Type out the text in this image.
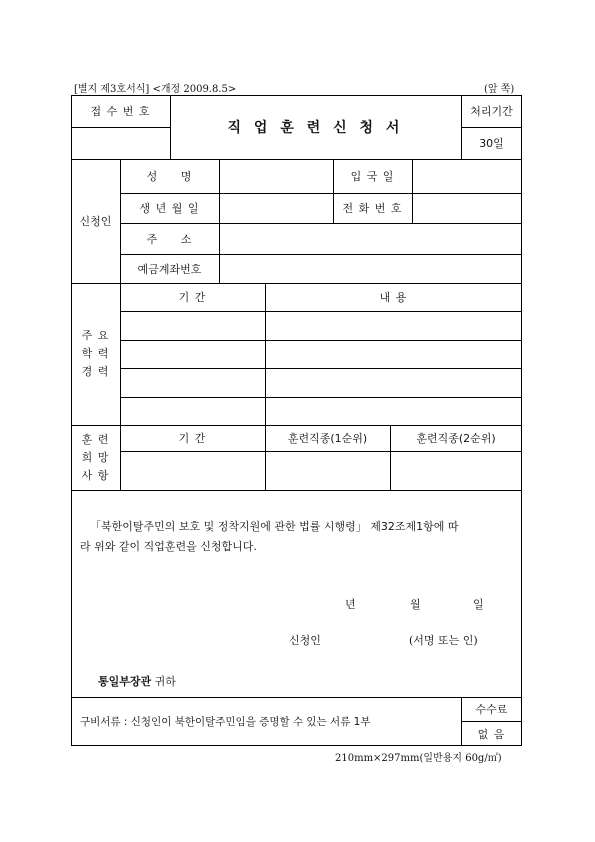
[별지 제3호서식] <개정 2009.8.5>	(앞 쪽)
접 수 번 호
직 업 훈 련 신 청 서
처리기간
30일
신청인
성     명	입 국 일
생 년 월 일	전 화 번 호
주     소
예금계좌번호
주 요
학 력
경 력
기 간	내 용
훈 련
희 망
사 항
기 간	훈련직종(1순위)	훈련직종(2순위)
「북한이탈주민의 보호 및 정착지원에 관한 법률 시행령」 제32조제1항에 따
라 위와 같이 직업훈련을 신청합니다.
년	월	일
신청인	(서명 또는 인)
통일부장관 귀하
구비서류 : 신청인이 북한이탈주민임을 증명할 수 있는 서류 1부
수수료
없 음
210mm×297mm(일반용지 60g/㎡)
